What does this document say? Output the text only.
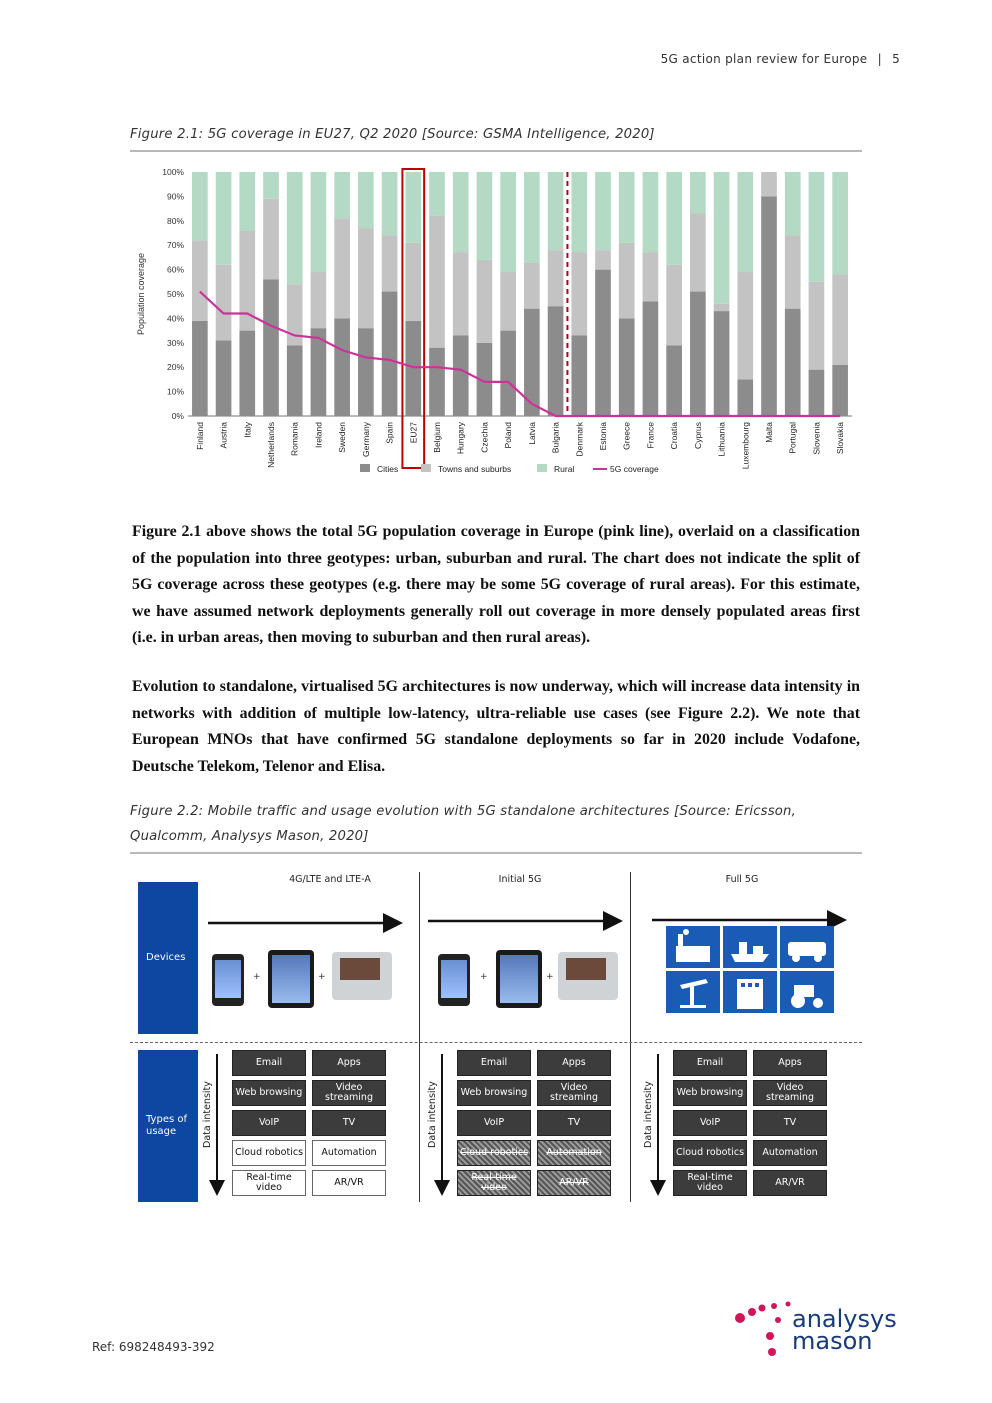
5G action plan review for Europe | 5
Figure 2.1: 5G coverage in EU27, Q2 2020 [Source: GSMA Intelligence, 2020]
0%
10%
20%
30%
40%
50%
60%
70%
80%
90%
100%
Population coverage
Finland Austria Italy Netherlands Romania Ireland Sweden Germany Spain EU27 Belgium Hungary Czechia Poland Latvia Bulgaria Denmark Estonia Greece France Croatia Cyprus Lithuania Luxembourg Malta Portugal Slovenia Slovakia
Cities	Towns and suburbs	Rural	5G coverage
Figure 2.1 above shows the total 5G population coverage in Europe (pink line), overlaid on a classification of the population into three geotypes: urban, suburban and rural. The chart does not indicate the split of 5G coverage across these geotypes (e.g. there may be some 5G coverage of rural areas). For this estimate, we have assumed network deployments generally roll out coverage in more densely populated areas first (i.e. in urban areas, then moving to suburban and then rural areas).
Evolution to standalone, virtualised 5G architectures is now underway, which will increase data intensity in networks with addition of multiple low-latency, ultra-reliable use cases (see Figure 2.2). We note that European MNOs that have confirmed 5G standalone deployments so far in 2020 include Vodafone, Deutsche Telekom, Telenor and Elisa.
Figure 2.2: Mobile traffic and usage evolution with 5G standalone architectures [Source: Ericsson,
Qualcomm, Analysys Mason, 2020]
4G/LTE and LTE-A	Initial 5G	Full 5G
Devices
Types of usage	Data intensity	Data intensity	Data intensity
+	+	+	+
Email	Apps
Web browsing	Video streaming
VoIP	TV
Cloud robotics	Automation
Real-time video	AR/VR
Email	Apps
Web browsing	Video streaming
VoIP	TV
Cloud robotics	Automation
Real-time video	AR/VR
Email	Apps
Web browsing	Video streaming
VoIP	TV
Cloud robotics	Automation
Real-time video	AR/VR
Ref: 698248493-392
analysys
mason
